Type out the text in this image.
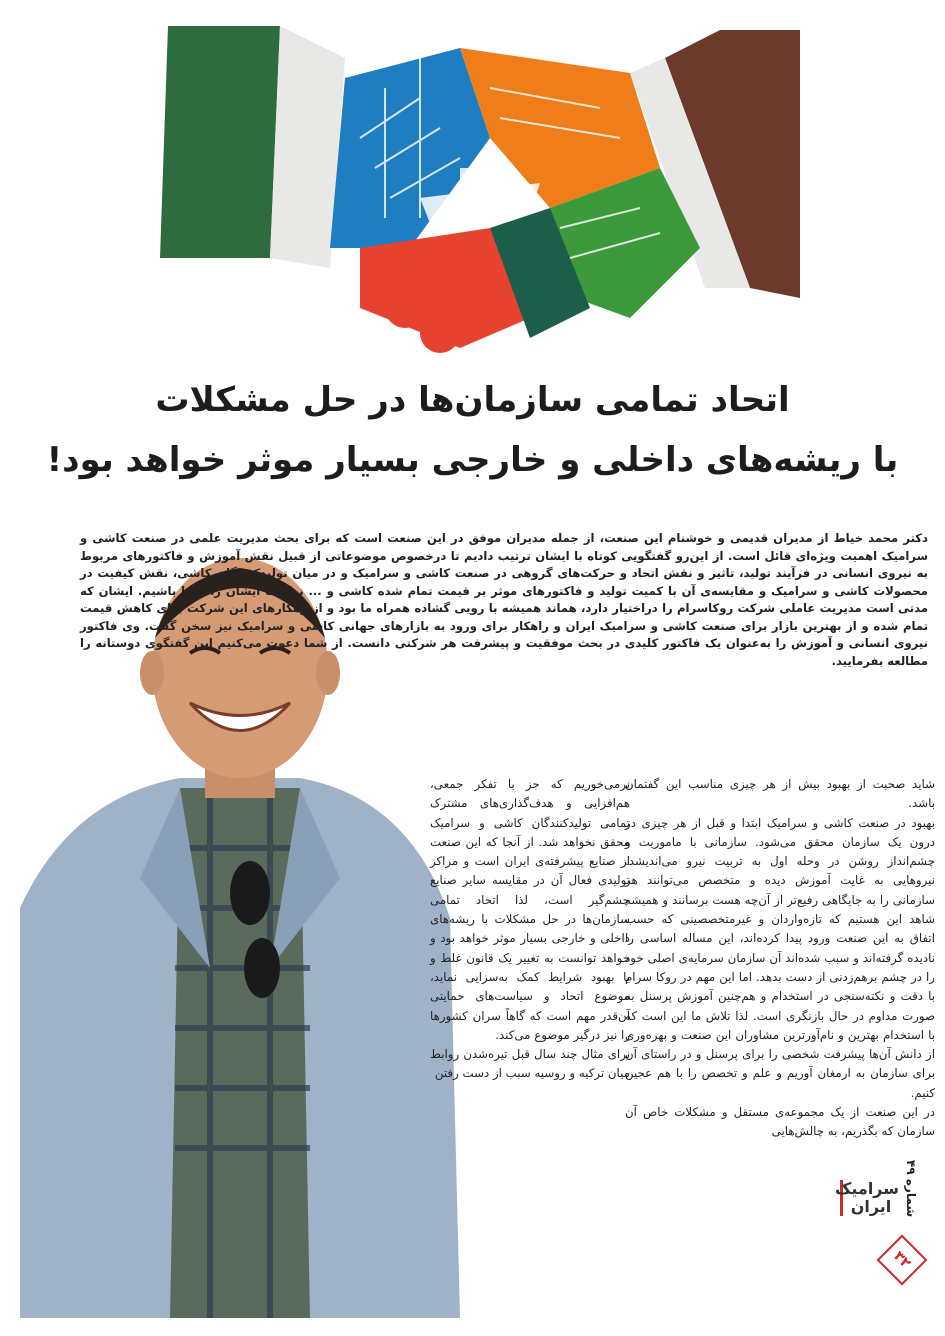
اتحاد تمامی سازمان‌ها در حل مشکلات
با ریشه‌های داخلی و خارجی بسیار موثر خواهد بود!

دکتر محمد خیاط از مدیران قدیمی و خوشنام این صنعت، از جمله مدیران موفق در این صنعت است که برای بحث مدیریت علمی در صنعت کاشی و سرامیک اهمیت ویژه‌ای قائل است. از این‌رو گفتگویی کوتاه با ایشان ترتیب دادیم تا درخصوص موضوعاتی از قبیل نقش آموزش و فاکتورهای مربوط به نیروی انسانی در فرآیند تولید، تاثیر و نقش اتحاد و حرکت‌های گروهی در صنعت کاشی و سرامیک و در میان تولیدکنندگان کاشی، نقش کیفیت در محصولات کاشی و سرامیک و مقایسه‌ی آن با کمیت تولید و فاکتورهای موثر بر قیمت تمام شده کاشی و ... نظرات ایشان را جویا باشیم. ایشان که مدتی است مدیریت عاملی شرکت روکاسرام را دراختیار دارد، هماند همیشه با رویی گشاده همراه ما بود و از رهکارهای این شرکت برای کاهش قیمت تمام شده و از بهترین بازار برای صنعت کاشی و سرامیک ایران و راهکار برای ورود به بازارهای جهانی کاشی و سرامیک نیز سخن گفت. وی فاکتور نیروی انسانی و آموزش را به‌عنوان یک فاکتور کلیدی در بحث موفقیت و پیشرفت هر شرکتی دانست. از شما دعوت می‌کنیم این گفتگوی دوستانه را مطالعه بفرمایید.

شاید صحبت از بهبود بیش از هر چیزی مناسب این گفتمان باشد.

بهبود در صنعت کاشی و سرامیک ابتدا و قبل از هر چیزی در درون یک سازمان محقق می‌شود. سازمانی با ماموریت و چشم‌انداز روشن در وحله اول به تربیت نیرو می‌اندیشد. نیروهایی به غایت آموزش دیده و متخصص می‌توانند هر سازمانی را به جایگاهی رفیع‌تر از آن‌چه هست برسانند و همیشه شاهد این هستیم که تازه‌واردان و غیرمتخصصینی که حسب اتفاق به این صنعت ورود پیدا کرده‌اند، این مساله اساسی را نادیده گرفته‌اند و سبب شده‌اند آن سازمان سرمایه‌ی اصلی خود را در چشم برهم‌زدنی از دست بدهد. اما این مهم در روکا سرام با دقت و نکته‌سنجی در استخدام و هم‌چنین آموزش پرسنل به صورت مداوم در حال بازنگری است. لذا تلاش ما این است که با استخدام بهترین و نام‌آورترین مشاوران این صنعت و بهره‌وری از دانش آن‌ها پیشرفت شخصی را برای پرسنل و در راستای آن برای سازمان به ارمغان آوریم و علم و تخصص را با هم عجین کنیم.

در این صنعت از یک مجموعه‌ی مستقل و مشکلات خاص آن سازمان که بگذریم، به چالش‌هایی

برمی‌خوریم که جز با تفکر جمعی، هم‌افزایی و هدف‌گذاری‌های مشترک تمامی تولیدکنندگان کاشی و سرامیک محقق نخواهد شد. از آنجا که این صنعت از صنایع پیشرفته‌ی ایران است و مراکز تولیدی فعال آن در مقایسه سایر صنایع چشم‌گیر است، لذا اتحاد تمامی سازمان‌ها در حل مشکلات با ریشه‌های داخلی و خارجی بسیار موثر خواهد بود و خواهد توانست به تغییر یک قانون غلط و یا بهبود شرایط کمک به‌سزایی نماید، موضوع اتحاد و سیاست‌های حمایتی آن‌قدر مهم است که گاهاً سران کشورها را نیز درگیر موضوع می‌کند.

برای مثال چند سال قبل تیره‌شدن روابط میان ترکیه و روسیه سبب از دست رفتن

شماره ۴۹
سرامیک ایران
۳۲
